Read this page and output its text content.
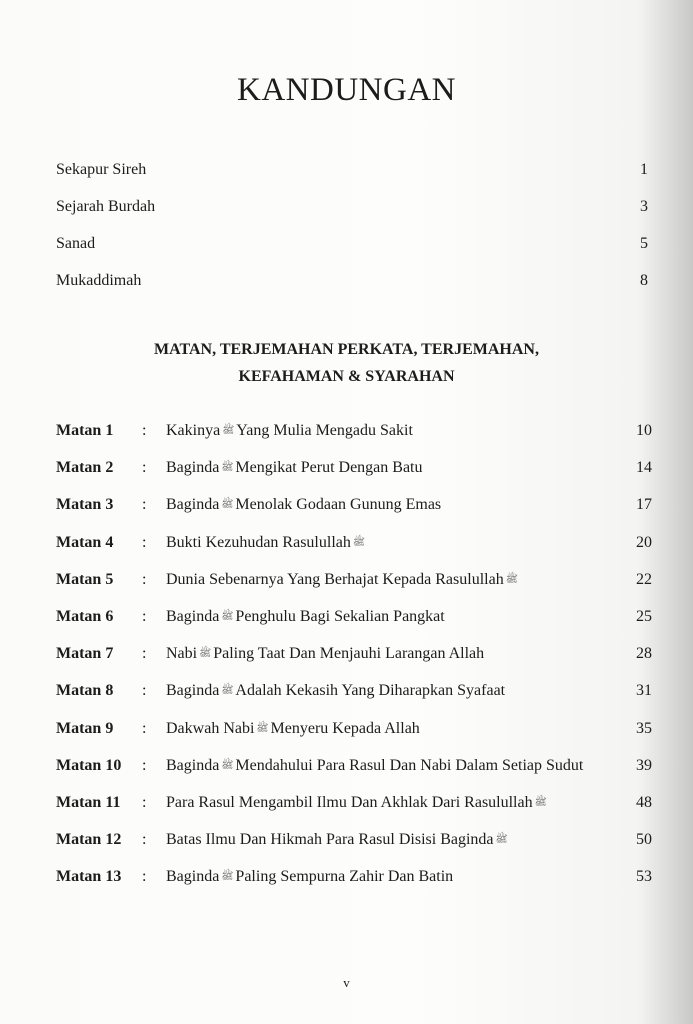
KANDUNGAN
Sekapur Sireh	1
Sejarah Burdah	3
Sanad	5
Mukaddimah	8
MATAN, TERJEMAHAN PERKATA, TERJEMAHAN,
KEFAHAMAN & SYARAHAN
Matan 1	:	Kakinya ﷺ Yang Mulia Mengadu Sakit	10
Matan 2	:	Baginda ﷺ Mengikat Perut Dengan Batu	14
Matan 3	:	Baginda ﷺ Menolak Godaan Gunung Emas	17
Matan 4	:	Bukti Kezuhudan Rasulullah ﷺ	20
Matan 5	:	Dunia Sebenarnya Yang Berhajat Kepada Rasulullah ﷺ	22
Matan 6	:	Baginda ﷺ Penghulu Bagi Sekalian Pangkat	25
Matan 7	:	Nabi ﷺ Paling Taat Dan Menjauhi Larangan Allah	28
Matan 8	:	Baginda ﷺ Adalah Kekasih Yang Diharapkan Syafaat	31
Matan 9	:	Dakwah Nabi ﷺ Menyeru Kepada Allah	35
Matan 10	:	Baginda ﷺ Mendahului Para Rasul Dan Nabi Dalam Setiap Sudut	39
Matan 11	:	Para Rasul Mengambil Ilmu Dan Akhlak Dari Rasulullah ﷺ	48
Matan 12	:	Batas Ilmu Dan Hikmah Para Rasul Disisi Baginda ﷺ	50
Matan 13	:	Baginda ﷺ Paling Sempurna Zahir Dan Batin	53
v
